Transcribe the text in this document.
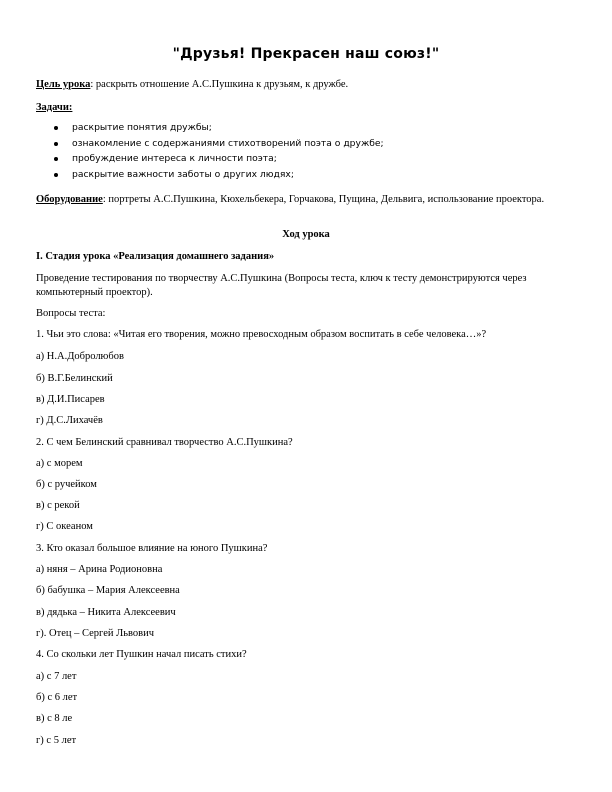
"Друзья! Прекрасен наш союз!"
Цель урока: раскрыть отношение А.С.Пушкина к друзьям, к дружбе.
Задачи:
раскрытие понятия дружбы;
ознакомление с содержаниями стихотворений поэта о дружбе;
пробуждение интереса к личности поэта;
раскрытие важности заботы о других людях;
Оборудование: портреты А.С.Пушкина, Кюхельбекера, Горчакова, Пущина, Дельвига, использование проектора.
Ход урока
I. Стадия урока «Реализация домашнего задания»
Проведение тестирования по творчеству А.С.Пушкина (Вопросы теста, ключ к тесту демонстрируются через компьютерный проектор).
Вопросы теста:
1. Чьи это слова: «Читая его творения, можно превосходным образом воспитать в себе человека…»?
а) Н.А.Добролюбов
б) В.Г.Белинский
в) Д.И.Писарев
г) Д.С.Лихачёв
2. С чем Белинский сравнивал творчество А.С.Пушкина?
а) с морем
б) с ручейком
в) с рекой
г) С океаном
3. Кто оказал большое влияние на юного Пушкина?
а) няня – Арина Родионовна
б) бабушка – Мария Алексеевна
в) дядька – Никита Алексеевич
г). Отец – Сергей Львович
4. Со скольки лет Пушкин начал писать стихи?
а) с 7 лет
б) с 6 лет
в) с 8 ле
г) с 5 лет
